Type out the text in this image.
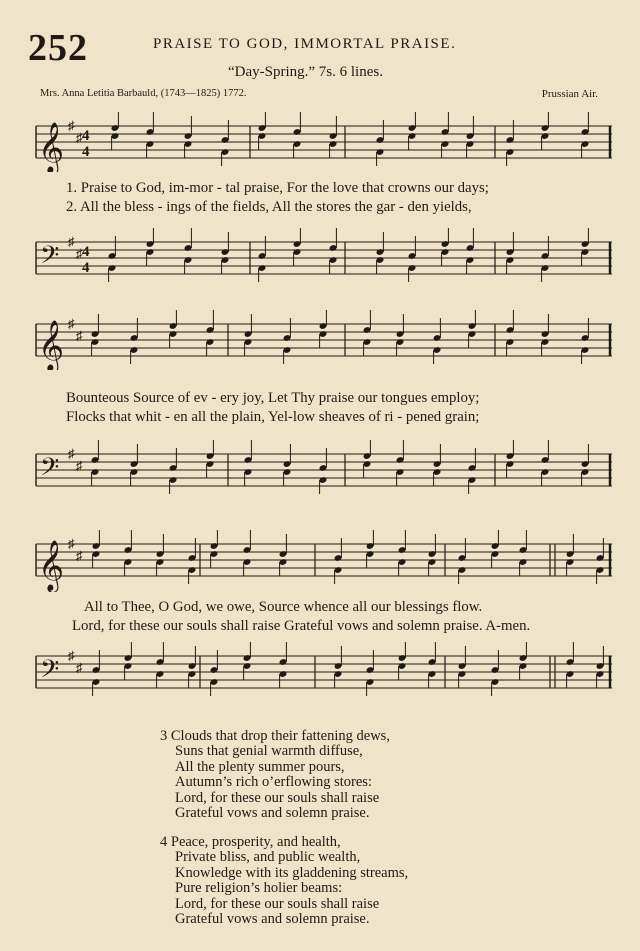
252	PRAISE TO GOD, IMMORTAL PRAISE.
“Day-Spring.” 7s. 6 lines.
Mrs. Anna Letitia Barbauld, (1743—1825) 1772.	Prussian Air.
𝄞 ♯
♯ 4
4
1. Praise to God, im-mor - tal praise, For the love that crowns our days;
2. All the bless - ings of the fields, All the stores the gar - den yields,
𝄢 ♯
♯ 4
4
𝄞 ♯
♯
Bounteous Source of ev - ery joy, Let Thy praise our tongues employ;
Flocks that whit - en all the plain, Yel-low sheaves of ri - pened grain;
𝄢 ♯
♯
𝄞 ♯
♯
All to Thee, O God, we owe, Source whence all our blessings flow.
Lord, for these our souls shall raise Grateful vows and solemn praise. A-men.
𝄢 ♯
♯
3 Clouds that drop their fattening dews,
Suns that genial warmth diffuse,
All the plenty summer pours,
Autumn’s rich o’erflowing stores:
Lord, for these our souls shall raise
Grateful vows and solemn praise.
4 Peace, prosperity, and health,
Private bliss, and public wealth,
Knowledge with its gladdening streams,
Pure religion’s holier beams:
Lord, for these our souls shall raise
Grateful vows and solemn praise.
